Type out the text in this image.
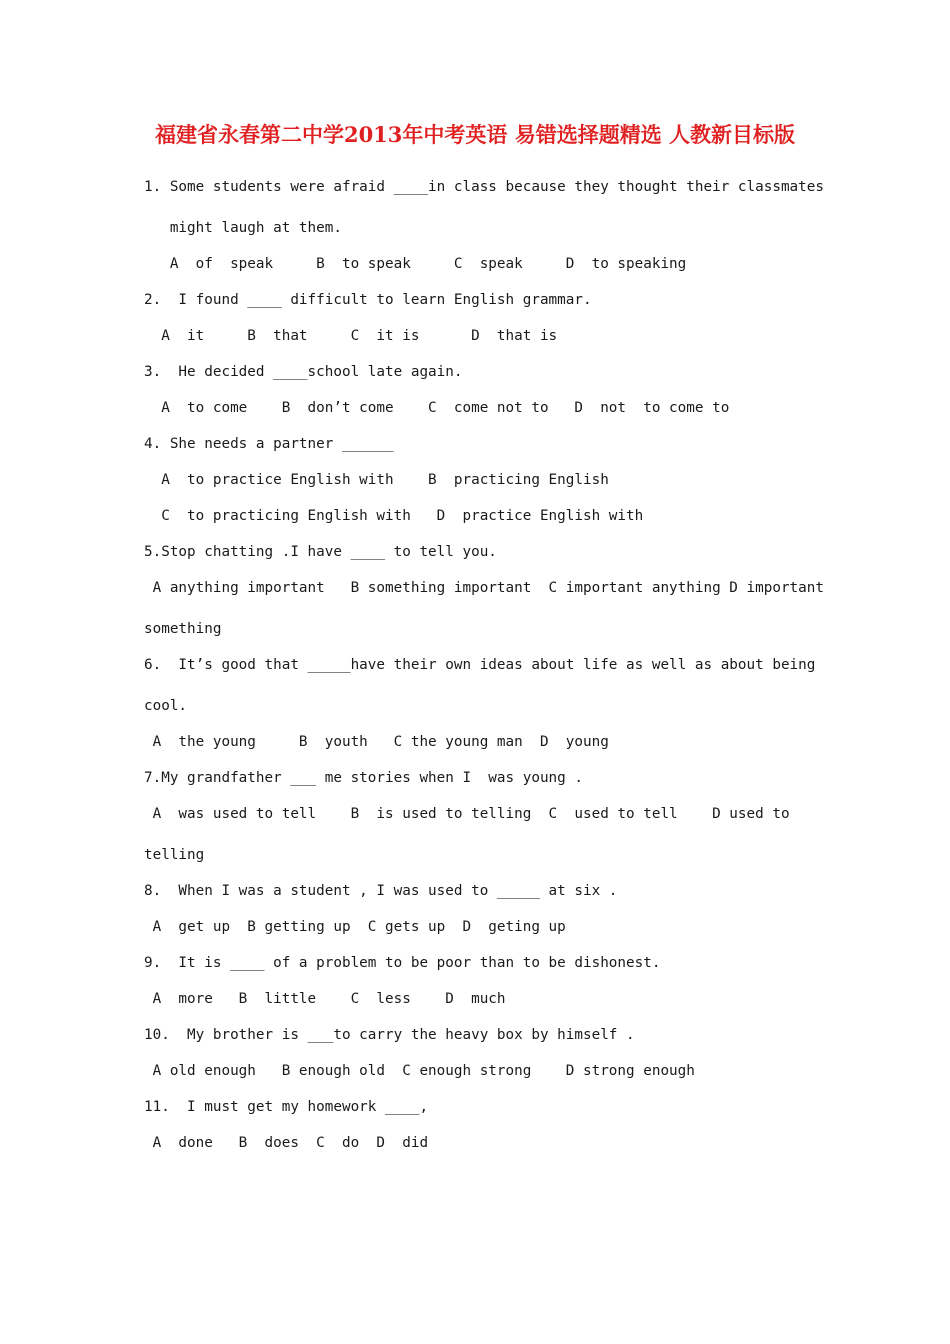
福建省永春第二中学2013年中考英语 易错选择题精选 人教新目标版
1. Some students were afraid ____in class because they thought their classmates
might laugh at them.
A  of  speak     B  to speak     C  speak     D  to speaking
2.  I found ____ difficult to learn English grammar.
A  it     B  that     C  it is      D  that is
3.  He decided ____school late again.
A  to come    B  don’t come    C  come not to   D  not  to come to
4. She needs a partner ______
A  to practice English with    B  practicing English
C  to practicing English with   D  practice English with
5.Stop chatting .I have ____ to tell you.
A anything important   B something important  C important anything D important
something
6.  It’s good that _____have their own ideas about life as well as about being
cool.
A  the young     B  youth   C the young man  D  young
7.My grandfather ___ me stories when I  was young .
A  was used to tell    B  is used to telling  C  used to tell    D used to
telling
8.  When I was a student , I was used to _____ at six .
A  get up  B getting up  C gets up  D  geting up
9.  It is ____ of a problem to be poor than to be dishonest.
A  more   B  little    C  less    D  much
10.  My brother is ___to carry the heavy box by himself .
A old enough   B enough old  C enough strong    D strong enough
11.  I must get my homework ____,
A  done   B  does  C  do  D  did
